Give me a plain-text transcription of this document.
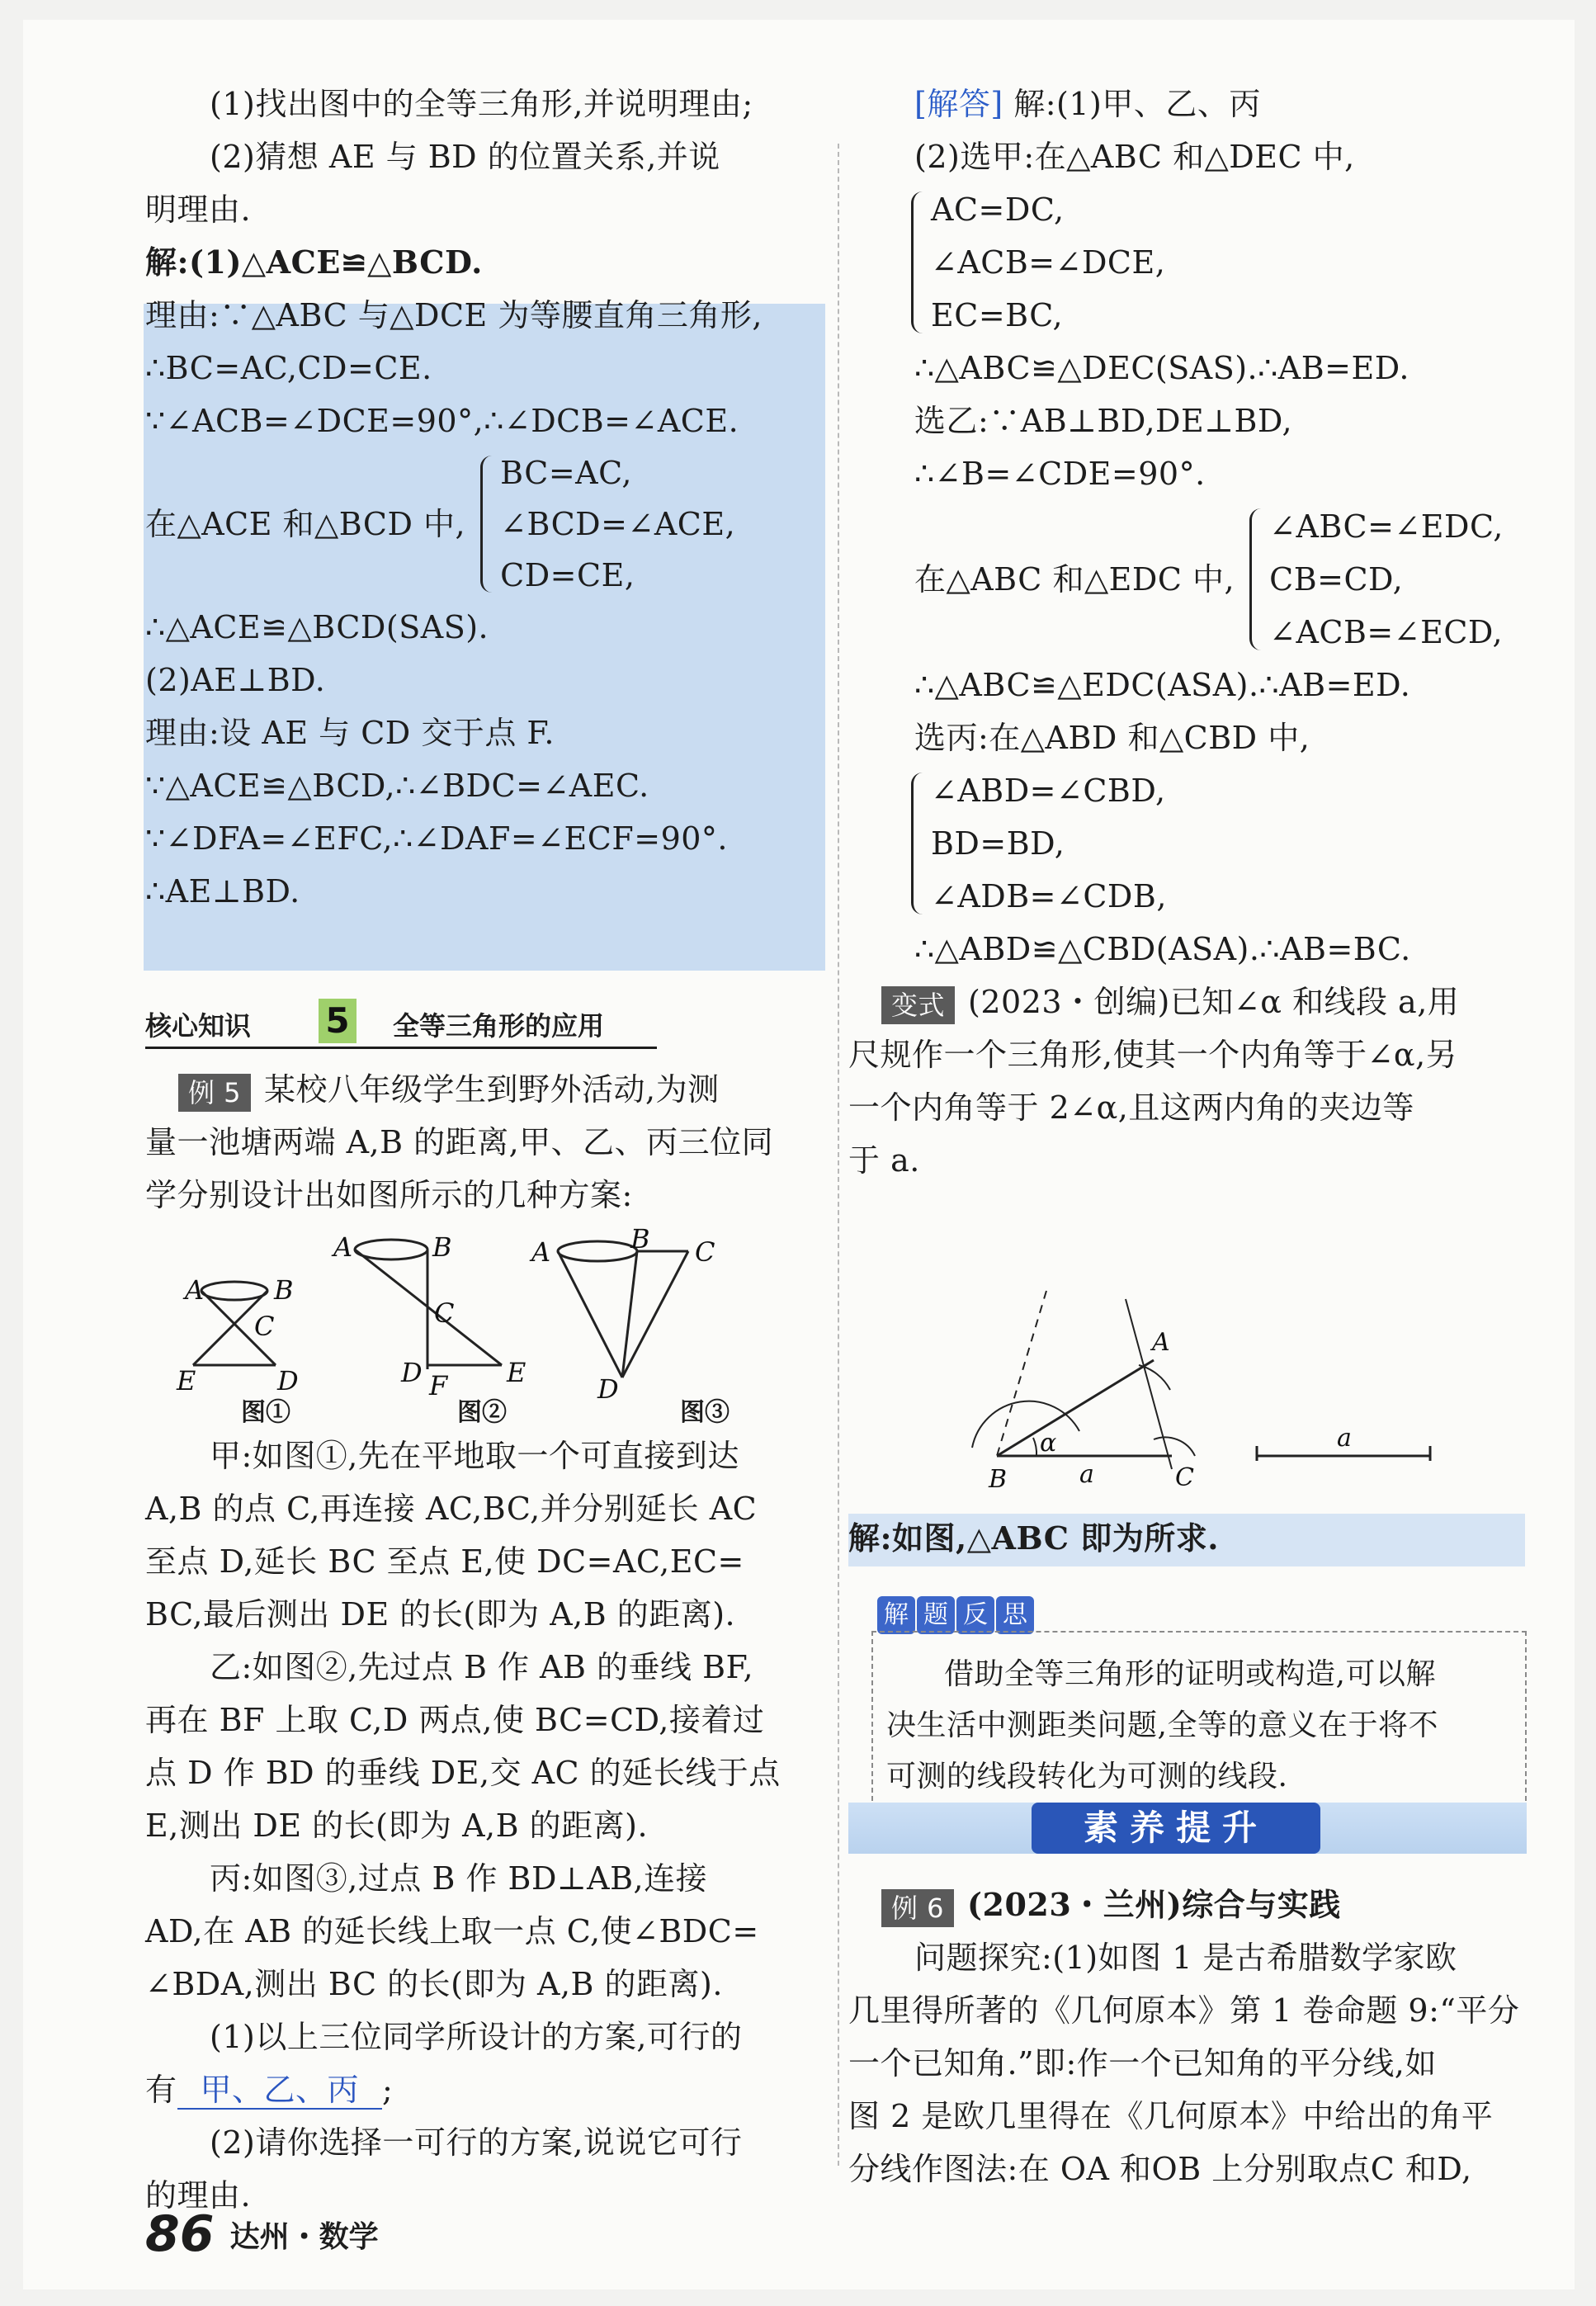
(1)找出图中的全等三角形,并说明理由;

(2)猜想 AE 与 BD 的位置关系,并说

明理由.

解:(1)△ACE≌△BCD.

理由:∵△ABC 与△DCE 为等腰直角三角形,

∴BC=AC,CD=CE.

∵∠ACB=∠DCE=90°,∴∠DCB=∠ACE.

在△ACE 和△BCD 中,

BC=AC,

∠BCD=∠ACE,

CD=CE,

∴△ACE≌△BCD(SAS).

(2)AE⊥BD.

理由:设 AE 与 CD 交于点 F.

∵△ACE≌△BCD,∴∠BDC=∠AEC.

∵∠DFA=∠EFC,∴∠DAF=∠ECF=90°.

∴AE⊥BD.

核心知识 5 全等三角形的应用

例 5 某校八年级学生到野外活动,为测

量一池塘两端 A,B 的距离,甲、乙、丙三位同

学分别设计出如图所示的几种方案:

A	B
C
E	D
A	B
C
D F E
A	B C
D
图①	图②	图③

甲:如图①,先在平地取一个可直接到达

A,B 的点 C,再连接 AC,BC,并分别延长 AC

至点 D,延长 BC 至点 E,使 DC=AC,EC=

BC,最后测出 DE 的长(即为 A,B 的距离).

乙:如图②,先过点 B 作 AB 的垂线 BF,

再在 BF 上取 C,D 两点,使 BC=CD,接着过

点 D 作 BD 的垂线 DE,交 AC 的延长线于点

E,测出 DE 的长(即为 A,B 的距离).

丙:如图③,过点 B 作 BD⊥AB,连接

AD,在 AB 的延长线上取一点 C,使∠BDC=

∠BDA,测出 BC 的长(即为 A,B 的距离).

(1)以上三位同学所设计的方案,可行的

有 甲、乙、丙 ;

(2)请你选择一可行的方案,说说它可行

的理由.

[解答] 解:(1)甲、乙、丙

(2)选甲:在△ABC 和△DEC 中,

AC=DC,

∠ACB=∠DCE,

EC=BC,

∴△ABC≌△DEC(SAS).∴AB=ED.

选乙:∵AB⊥BD,DE⊥BD,

∴∠B=∠CDE=90°.

在△ABC 和△EDC 中,

∠ABC=∠EDC,

CB=CD,

∠ACB=∠ECD,

∴△ABC≌△EDC(ASA).∴AB=ED.

选丙:在△ABD 和△CBD 中,

∠ABD=∠CBD,

BD=BD,

∠ADB=∠CDB,

∴△ABD≌△CBD(ASA).∴AB=BC.

变式 (2023・创编)已知∠α 和线段 a,用

尺规作一个三角形,使其一个内角等于∠α,另

一个内角等于 2∠α,且这两内角的夹边等

于 a.

A
B	C
α
a
a

解:如图,△ABC 即为所求.

解 题 反 思

借助全等三角形的证明或构造,可以解

决生活中测距类问题,全等的意义在于将不

可测的线段转化为可测的线段.

素养提升

例 6 (2023・兰州)综合与实践

问题探究:(1)如图 1 是古希腊数学家欧

几里得所著的《几何原本》第 1 卷命题 9:“平分

一个已知角.”即:作一个已知角的平分线,如

图 2 是欧几里得在《几何原本》中给出的角平

分线作图法:在 OA 和OB 上分别取点C 和D,

86 达州・数学
